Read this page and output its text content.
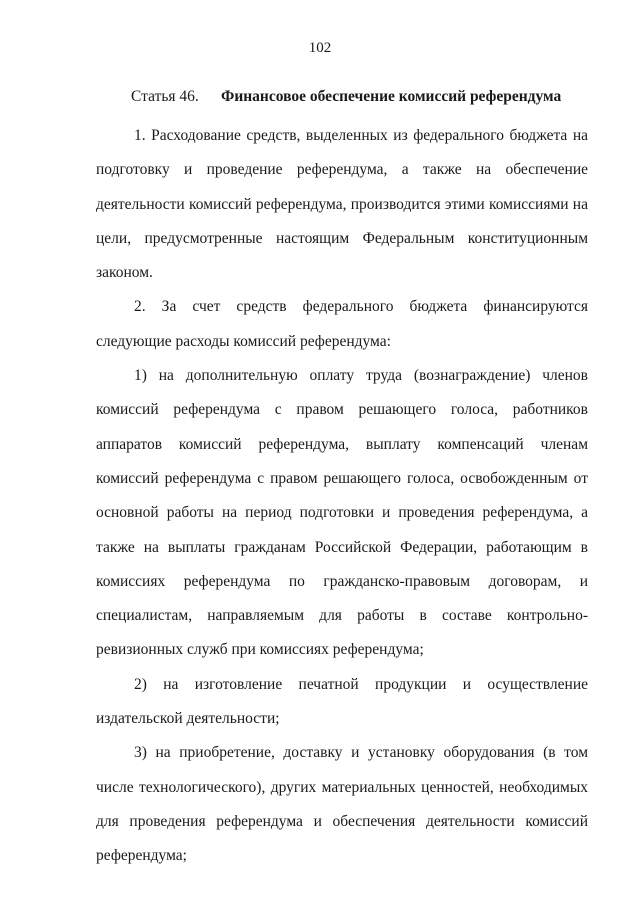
102
Статья 46. Финансовое обеспечение комиссий референдума

1. Расходование средств, выделенных из федерального бюджета на подготовку и проведение референдума, а также на обеспечение деятельности комиссий референдума, производится этими комиссиями на цели, предусмотренные настоящим Федеральным конституционным законом.

2. За счет средств федерального бюджета финансируются следующие расходы комиссий референдума:

1) на дополнительную оплату труда (вознаграждение) членов комиссий референдума с правом решающего голоса, работников аппаратов комиссий референдума, выплату компенсаций членам комиссий референдума с правом решающего голоса, освобожденным от основной работы на период подготовки и проведения референдума, а также на выплаты гражданам Российской Федерации, работающим в комиссиях референдума по гражданско-правовым договорам, и специалистам, направляемым для работы в составе контрольно-ревизионных служб при комиссиях референдума;

2) на изготовление печатной продукции и осуществление издательской деятельности;

3) на приобретение, доставку и установку оборудования (в том числе технологического), других материальных ценностей, необходимых для проведения референдума и обеспечения деятельности комиссий референдума;
